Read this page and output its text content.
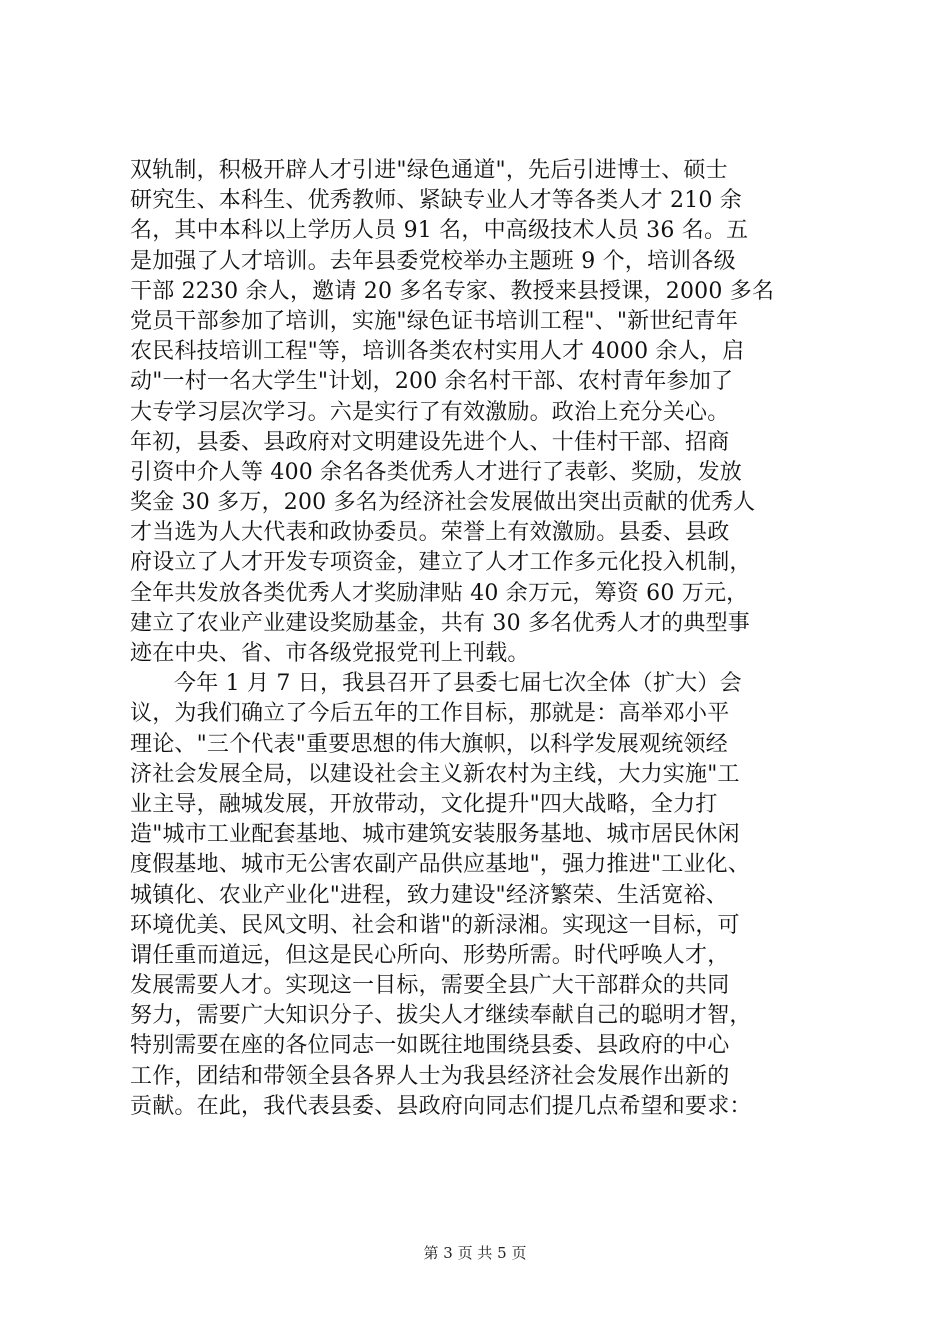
双轨制，积极开辟人才引进"绿色通道"，先后引进博士、硕士
研究生、本科生、优秀教师、紧缺专业人才等各类人才 210 余
名，其中本科以上学历人员 91 名，中高级技术人员 36 名。五
是加强了人才培训。去年县委党校举办主题班 9 个，培训各级
干部 2230 余人，邀请 20 多名专家、教授来县授课，2000 多名
党员干部参加了培训，实施"绿色证书培训工程"、"新世纪青年
农民科技培训工程"等，培训各类农村实用人才 4000 余人，启
动"一村一名大学生"计划，200 余名村干部、农村青年参加了
大专学习层次学习。六是实行了有效激励。政治上充分关心。
年初，县委、县政府对文明建设先进个人、十佳村干部、招商
引资中介人等 400 余名各类优秀人才进行了表彰、奖励，发放
奖金 30 多万，200 多名为经济社会发展做出突出贡献的优秀人
才当选为人大代表和政协委员。荣誉上有效激励。县委、县政
府设立了人才开发专项资金，建立了人才工作多元化投入机制，
全年共发放各类优秀人才奖励津贴 40 余万元，筹资 60 万元，
建立了农业产业建设奖励基金，共有 30 多名优秀人才的典型事
迹在中央、省、市各级党报党刊上刊载。
今年 1 月 7 日，我县召开了县委七届七次全体（扩大）会
议，为我们确立了今后五年的工作目标，那就是：高举邓小平
理论、"三个代表"重要思想的伟大旗帜，以科学发展观统领经
济社会发展全局，以建设社会主义新农村为主线，大力实施"工
业主导，融城发展，开放带动，文化提升"四大战略，全力打
造"城市工业配套基地、城市建筑安装服务基地、城市居民休闲
度假基地、城市无公害农副产品供应基地"，强力推进"工业化、
城镇化、农业产业化"进程，致力建设"经济繁荣、生活宽裕、
环境优美、民风文明、社会和谐"的新渌湘。实现这一目标，可
谓任重而道远，但这是民心所向、形势所需。时代呼唤人才，
发展需要人才。实现这一目标，需要全县广大干部群众的共同
努力，需要广大知识分子、拔尖人才继续奉献自己的聪明才智，
特别需要在座的各位同志一如既往地围绕县委、县政府的中心
工作，团结和带领全县各界人士为我县经济社会发展作出新的
贡献。在此，我代表县委、县政府向同志们提几点希望和要求：
第 3 页 共 5 页
